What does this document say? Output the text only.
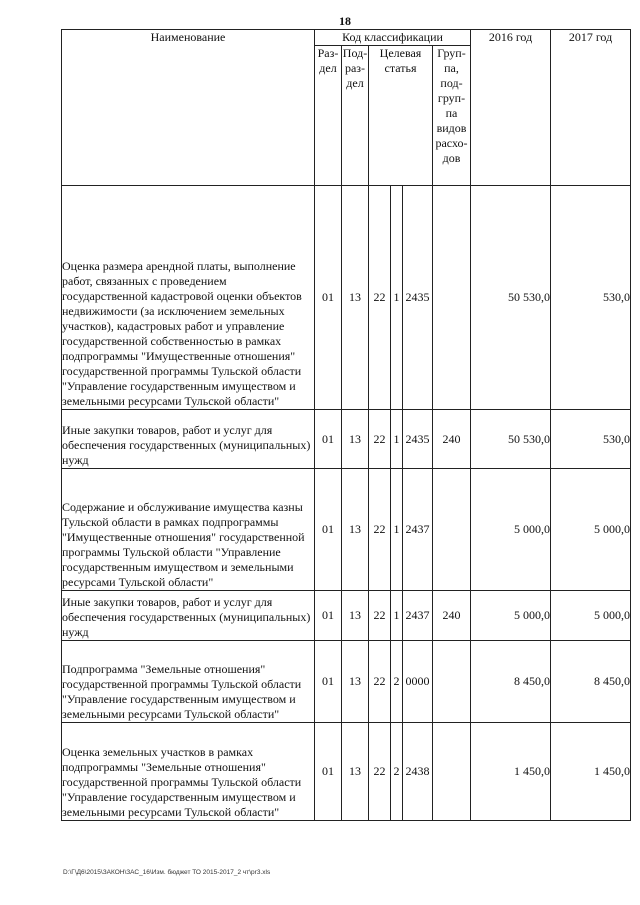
18
Наименование	Код классификации						2016 год	2017 год
	Раз-дел	Под-раз-дел	Целевая статья			Груп-па, под-груп-па видов расхо-дов		
Оценка размера арендной платы, выполнение работ, связанных с проведением государственной кадастровой оценки объектов недвижимости (за исключением земельных участков), кадастровых работ и управление государственной собственностью в рамках подпрограммы "Имущественные отношения" государственной программы Тульской области "Управление государственным имуществом и земельными ресурсами Тульской области"	01	13	22	1	2435		50 530,0	530,0
Иные закупки товаров, работ и услуг для обеспечения государственных (муниципальных) нужд	01	13	22	1	2435	240	50 530,0	530,0
Содержание и обслуживание имущества казны Тульской области в рамках подпрограммы "Имущественные отношения" государственной программы Тульской области "Управление государственным имуществом и земельными ресурсами Тульской области"	01	13	22	1	2437		5 000,0	5 000,0
Иные закупки товаров, работ и услуг для обеспечения государственных (муниципальных) нужд	01	13	22	1	2437	240	5 000,0	5 000,0
Подпрограмма "Земельные отношения" государственной программы Тульской области "Управление государственным имуществом и земельными ресурсами Тульской области"	01	13	22	2	0000		8 450,0	8 450,0
Оценка земельных участков в рамках подпрограммы "Земельные отношения" государственной программы Тульской области "Управление государственным имуществом и земельными ресурсами Тульской области"	01	13	22	2	2438		1 450,0	1 450,0
D:\Г\Д6\2015\ЗАКОН\ЗАС_16\Изм. бюджет ТО 2015-2017_2 чт\pr3.xls
